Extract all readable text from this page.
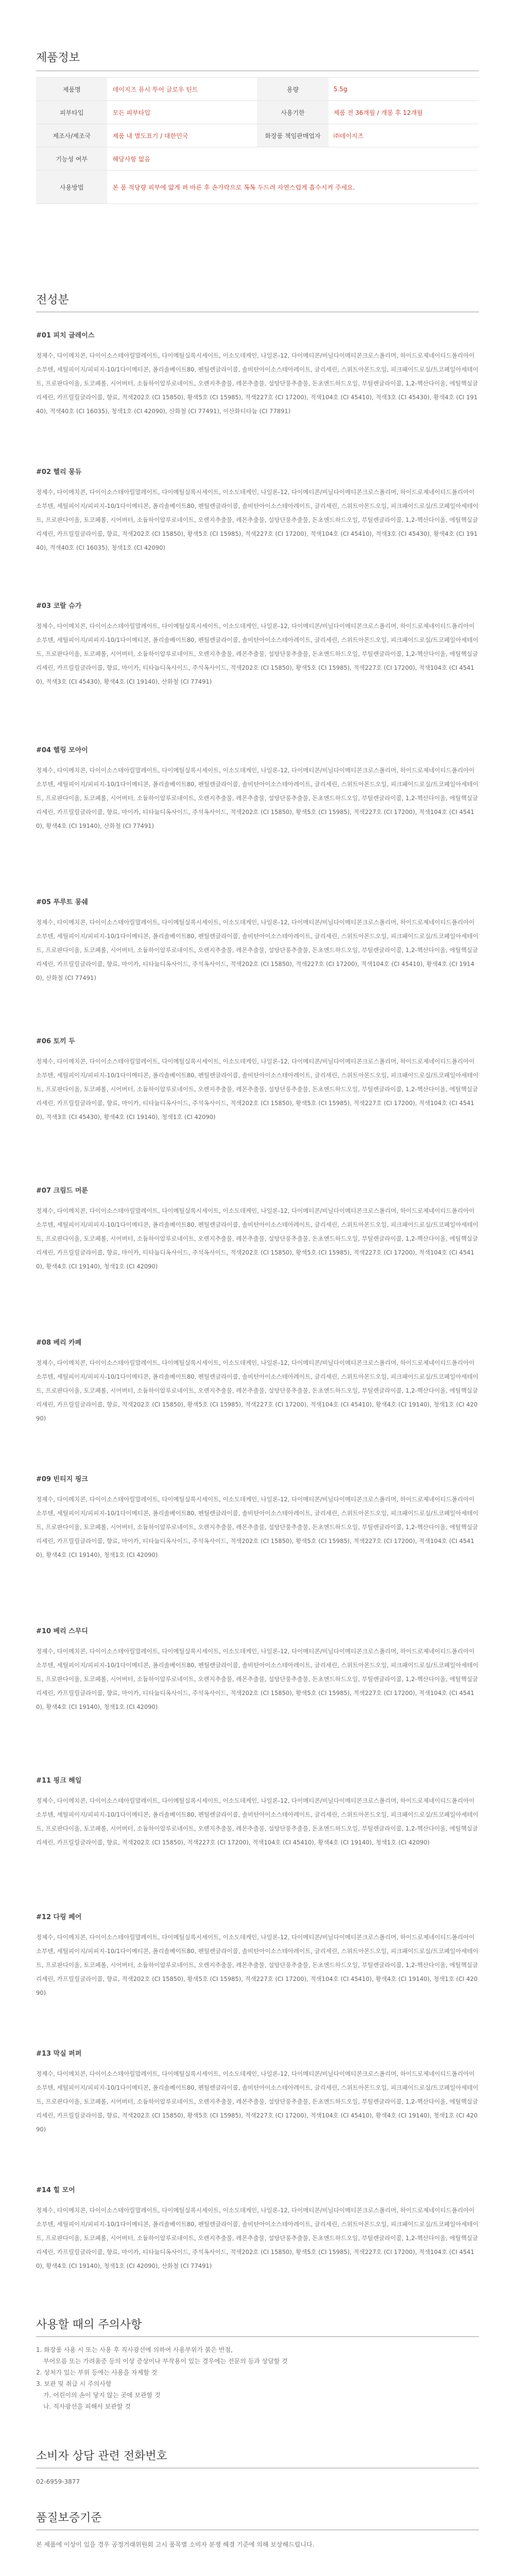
제품정보
제품명	데이지즈 퓨시 투어 글로우 틴트	용량	5.5g
피부타입	모든 피부타입	사용기한	제품 전 36개월 / 개봉 후 12개월
제조사/제조국	제품 내 별도표기 / 대한민국	화장품 책임판매업자	㈜데이지즈
기능성 여부	해당사항 없음		
사용방법	본 품 적당량 피부에 얇게 펴 바른 후 손가락으로 톡톡 두드려 자연스럽게 흡수시켜 주세요.		
전성분
#01 피치 글레이스

정제수, 다이메치콘, 다이이소스테아릴말레이트, 다이메틸실록시세이트, 이소도데케인, 나일론-12, 다이메티콘/비닐다이메티콘크로스폴리머, 하이드로제네이티드폴리아이소부텐, 세틸피이지/피피지-10/1다이메티콘, 폴리솔베이트80, 펜틸렌글라이콜, 솔비탄아이소스테아레이트, 글리세린, 스위트아몬드오일, 피크패이드로실/트코페일아세테이트, 프로판다이올, 토코페롤, 시어버터, 소듐하이알루로네이트, 오렌지추출물, 레몬추출물, 설탕단풍추출물, 돈초엔드하드오일, 부틸렌글라이콜, 1,2-헥산다이올, 에틸헥실글리세린, 카프릴릴글라이콜, 향료, 적색202호 (CI 15850), 황색5호 (CI 15985), 적색227호 (CI 17200), 적색104호 (CI 45410), 적색3호 (CI 45430), 황색4호 (CI 19140), 적색40호 (CI 16035), 청색1호 (CI 42090), 산화철 (CI 77491), 이산화티타늄 (CI 77891)

#02 헬리 몽듀

정제수, 다이메치콘, 다이이소스테아릴말레이트, 다이메틸실록시세이트, 이소도데케인, 나일론-12, 다이메티콘/비닐다이메티콘크로스폴리머, 하이드로제네이티드폴리아이소부텐, 세틸피이지/피피지-10/1다이메티콘, 폴리솔베이트80, 펜틸렌글라이콜, 솔비탄아이소스테아레이트, 글리세린, 스위트아몬드오일, 피크패이드로실/트코페일아세테이트, 프로판다이올, 토코페롤, 시어버터, 소듐하이알루로네이트, 오렌지추출물, 레몬추출물, 설탕단풍추출물, 돈초엔드하드오일, 부틸렌글라이콜, 1,2-헥산다이올, 에틸헥실글리세린, 카프릴릴글라이콜, 향료, 적색202호 (CI 15850), 황색5호 (CI 15985), 적색227호 (CI 17200), 적색104호 (CI 45410), 적색3호 (CI 45430), 황색4호 (CI 19140), 적색40호 (CI 16035), 청색1호 (CI 42090)

#03 코랄 슈가

정제수, 다이메치콘, 다이이소스테아릴말레이트, 다이메틸실록시세이트, 이소도데케인, 나일론-12, 다이메티콘/비닐다이메티콘크로스폴리머, 하이드로제네이티드폴리아이소부텐, 세틸피이지/피피지-10/1다이메티콘, 폴리솔베이트80, 펜틸렌글라이콜, 솔비탄아이소스테아레이트, 글리세린, 스위트아몬드오일, 피크패이드로실/트코페일아세테이트, 프로판다이올, 토코페롤, 시어버터, 소듐하이알루로네이트, 오렌지추출물, 레몬추출물, 설탕단풍추출물, 돈초엔드하드오일, 부틸렌글라이콜, 1,2-헥산다이올, 에틸헥실글리세린, 카프릴릴글라이콜, 향료, 마이카, 티타늄디옥사이드, 주석옥사이드, 적색202호 (CI 15850), 황색5호 (CI 15985), 적색227호 (CI 17200), 적색104호 (CI 45410), 적색3호 (CI 45430), 황색4호 (CI 19140), 산화철 (CI 77491)

#04 헬링 모아이

정제수, 다이메치콘, 다이이소스테아릴말레이트, 다이메틸실록시세이트, 이소도데케인, 나일론-12, 다이메티콘/비닐다이메티콘크로스폴리머, 하이드로제네이티드폴리아이소부텐, 세틸피이지/피피지-10/1다이메티콘, 폴리솔베이트80, 펜틸렌글라이콜, 솔비탄아이소스테아레이트, 글리세린, 스위트아몬드오일, 피크패이드로실/트코페일아세테이트, 프로판다이올, 토코페롤, 시어버터, 소듐하이알루로네이트, 오렌지추출물, 레몬추출물, 설탕단풍추출물, 돈초엔드하드오일, 부틸렌글라이콜, 1,2-헥산다이올, 에틸헥실글리세린, 카프릴릴글라이콜, 향료, 마이카, 티타늄디옥사이드, 주석옥사이드, 적색202호 (CI 15850), 황색5호 (CI 15985), 적색227호 (CI 17200), 적색104호 (CI 45410), 황색4호 (CI 19140), 산화철 (CI 77491)

#05 푸루트 몽쉐

정제수, 다이메치콘, 다이이소스테아릴말레이트, 다이메틸실록시세이트, 이소도데케인, 나일론-12, 다이메티콘/비닐다이메티콘크로스폴리머, 하이드로제네이티드폴리아이소부텐, 세틸피이지/피피지-10/1다이메티콘, 폴리솔베이트80, 펜틸렌글라이콜, 솔비탄아이소스테아레이트, 글리세린, 스위트아몬드오일, 피크패이드로실/트코페일아세테이트, 프로판다이올, 토코페롤, 시어버터, 소듐하이알루로네이트, 오렌지추출물, 레몬추출물, 설탕단풍추출물, 돈초엔드하드오일, 부틸렌글라이콜, 1,2-헥산다이올, 에틸헥실글리세린, 카프릴릴글라이콜, 향료, 마이카, 티타늄디옥사이드, 주석옥사이드, 적색202호 (CI 15850), 적색227호 (CI 17200), 적색104호 (CI 45410), 황색4호 (CI 19140), 산화철 (CI 77491)

#06 토끼 두

정제수, 다이메치콘, 다이이소스테아릴말레이트, 다이메틸실록시세이트, 이소도데케인, 나일론-12, 다이메티콘/비닐다이메티콘크로스폴리머, 하이드로제네이티드폴리아이소부텐, 세틸피이지/피피지-10/1다이메티콘, 폴리솔베이트80, 펜틸렌글라이콜, 솔비탄아이소스테아레이트, 글리세린, 스위트아몬드오일, 피크패이드로실/트코페일아세테이트, 프로판다이올, 토코페롤, 시어버터, 소듐하이알루로네이트, 오렌지추출물, 레몬추출물, 설탕단풍추출물, 돈초엔드하드오일, 부틸렌글라이콜, 1,2-헥산다이올, 에틸헥실글리세린, 카프릴릴글라이콜, 향료, 마이카, 티타늄디옥사이드, 주석옥사이드, 적색202호 (CI 15850), 황색5호 (CI 15985), 적색227호 (CI 17200), 적색104호 (CI 45410), 적색3호 (CI 45430), 황색4호 (CI 19140), 청색1호 (CI 42090)

#07 크림드 머룬

정제수, 다이메치콘, 다이이소스테아릴말레이트, 다이메틸실록시세이트, 이소도데케인, 나일론-12, 다이메티콘/비닐다이메티콘크로스폴리머, 하이드로제네이티드폴리아이소부텐, 세틸피이지/피피지-10/1다이메티콘, 폴리솔베이트80, 펜틸렌글라이콜, 솔비탄아이소스테아레이트, 글리세린, 스위트아몬드오일, 피크패이드로실/트코페일아세테이트, 프로판다이올, 토코페롤, 시어버터, 소듐하이알루로네이트, 오렌지추출물, 레몬추출물, 설탕단풍추출물, 돈초엔드하드오일, 부틸렌글라이콜, 1,2-헥산다이올, 에틸헥실글리세린, 카프릴릴글라이콜, 향료, 마이카, 티타늄디옥사이드, 주석옥사이드, 적색202호 (CI 15850), 황색5호 (CI 15985), 적색227호 (CI 17200), 적색104호 (CI 45410), 황색4호 (CI 19140), 청색1호 (CI 42090)

#08 베리 카페

정제수, 다이메치콘, 다이이소스테아릴말레이트, 다이메틸실록시세이트, 이소도데케인, 나일론-12, 다이메티콘/비닐다이메티콘크로스폴리머, 하이드로제네이티드폴리아이소부텐, 세틸피이지/피피지-10/1다이메티콘, 폴리솔베이트80, 펜틸렌글라이콜, 솔비탄아이소스테아레이트, 글리세린, 스위트아몬드오일, 피크패이드로실/트코페일아세테이트, 프로판다이올, 토코페롤, 시어버터, 소듐하이알루로네이트, 오렌지추출물, 레몬추출물, 설탕단풍추출물, 돈초엔드하드오일, 부틸렌글라이콜, 1,2-헥산다이올, 에틸헥실글리세린, 카프릴릴글라이콜, 향료, 적색202호 (CI 15850), 황색5호 (CI 15985), 적색227호 (CI 17200), 적색104호 (CI 45410), 황색4호 (CI 19140), 청색1호 (CI 42090)

#09 빈티지 핑크

정제수, 다이메치콘, 다이이소스테아릴말레이트, 다이메틸실록시세이트, 이소도데케인, 나일론-12, 다이메티콘/비닐다이메티콘크로스폴리머, 하이드로제네이티드폴리아이소부텐, 세틸피이지/피피지-10/1다이메티콘, 폴리솔베이트80, 펜틸렌글라이콜, 솔비탄아이소스테아레이트, 글리세린, 스위트아몬드오일, 피크패이드로실/트코페일아세테이트, 프로판다이올, 토코페롤, 시어버터, 소듐하이알루로네이트, 오렌지추출물, 레몬추출물, 설탕단풍추출물, 돈초엔드하드오일, 부틸렌글라이콜, 1,2-헥산다이올, 에틸헥실글리세린, 카프릴릴글라이콜, 향료, 마이카, 티타늄디옥사이드, 주석옥사이드, 적색202호 (CI 15850), 황색5호 (CI 15985), 적색227호 (CI 17200), 적색104호 (CI 45410), 황색4호 (CI 19140), 청색1호 (CI 42090)

#10 베리 스무디

정제수, 다이메치콘, 다이이소스테아릴말레이트, 다이메틸실록시세이트, 이소도데케인, 나일론-12, 다이메티콘/비닐다이메티콘크로스폴리머, 하이드로제네이티드폴리아이소부텐, 세틸피이지/피피지-10/1다이메티콘, 폴리솔베이트80, 펜틸렌글라이콜, 솔비탄아이소스테아레이트, 글리세린, 스위트아몬드오일, 피크패이드로실/트코페일아세테이트, 프로판다이올, 토코페롤, 시어버터, 소듐하이알루로네이트, 오렌지추출물, 레몬추출물, 설탕단풍추출물, 돈초엔드하드오일, 부틸렌글라이콜, 1,2-헥산다이올, 에틸헥실글리세린, 카프릴릴글라이콜, 향료, 마이카, 티타늄디옥사이드, 주석옥사이드, 적색202호 (CI 15850), 황색5호 (CI 15985), 적색227호 (CI 17200), 적색104호 (CI 45410), 황색4호 (CI 19140), 청색1호 (CI 42090)

#11 핑크 해일

정제수, 다이메치콘, 다이이소스테아릴말레이트, 다이메틸실록시세이트, 이소도데케인, 나일론-12, 다이메티콘/비닐다이메티콘크로스폴리머, 하이드로제네이티드폴리아이소부텐, 세틸피이지/피피지-10/1다이메티콘, 폴리솔베이트80, 펜틸렌글라이콜, 솔비탄아이소스테아레이트, 글리세린, 스위트아몬드오일, 피크패이드로실/트코페일아세테이트, 프로판다이올, 토코페롤, 시어버터, 소듐하이알루로네이트, 오렌지추출물, 레몬추출물, 설탕단풍추출물, 돈초엔드하드오일, 부틸렌글라이콜, 1,2-헥산다이올, 에틸헥실글리세린, 카프릴릴글라이콜, 향료, 적색202호 (CI 15850), 적색227호 (CI 17200), 적색104호 (CI 45410), 황색4호 (CI 19140), 청색1호 (CI 42090)

#12 다링 페어

정제수, 다이메치콘, 다이이소스테아릴말레이트, 다이메틸실록시세이트, 이소도데케인, 나일론-12, 다이메티콘/비닐다이메티콘크로스폴리머, 하이드로제네이티드폴리아이소부텐, 세틸피이지/피피지-10/1다이메티콘, 폴리솔베이트80, 펜틸렌글라이콜, 솔비탄아이소스테아레이트, 글리세린, 스위트아몬드오일, 피크패이드로실/트코페일아세테이트, 프로판다이올, 토코페롤, 시어버터, 소듐하이알루로네이트, 오렌지추출물, 레몬추출물, 설탕단풍추출물, 돈초엔드하드오일, 부틸렌글라이콜, 1,2-헥산다이올, 에틸헥실글리세린, 카프릴릴글라이콜, 향료, 적색202호 (CI 15850), 황색5호 (CI 15985), 적색227호 (CI 17200), 적색104호 (CI 45410), 황색4호 (CI 19140), 청색1호 (CI 42090)

#13 막실 퍼퍼

정제수, 다이메치콘, 다이이소스테아릴말레이트, 다이메틸실록시세이트, 이소도데케인, 나일론-12, 다이메티콘/비닐다이메티콘크로스폴리머, 하이드로제네이티드폴리아이소부텐, 세틸피이지/피피지-10/1다이메티콘, 폴리솔베이트80, 펜틸렌글라이콜, 솔비탄아이소스테아레이트, 글리세린, 스위트아몬드오일, 피크패이드로실/트코페일아세테이트, 프로판다이올, 토코페롤, 시어버터, 소듐하이알루로네이트, 오렌지추출물, 레몬추출물, 설탕단풍추출물, 돈초엔드하드오일, 부틸렌글라이콜, 1,2-헥산다이올, 에틸헥실글리세린, 카프릴릴글라이콜, 향료, 적색202호 (CI 15850), 황색5호 (CI 15985), 적색227호 (CI 17200), 적색104호 (CI 45410), 황색4호 (CI 19140), 청색1호 (CI 42090)

#14 힐 모어

정제수, 다이메치콘, 다이이소스테아릴말레이트, 다이메틸실록시세이트, 이소도데케인, 나일론-12, 다이메티콘/비닐다이메티콘크로스폴리머, 하이드로제네이티드폴리아이소부텐, 세틸피이지/피피지-10/1다이메티콘, 폴리솔베이트80, 펜틸렌글라이콜, 솔비탄아이소스테아레이트, 글리세린, 스위트아몬드오일, 피크패이드로실/트코페일아세테이트, 프로판다이올, 토코페롤, 시어버터, 소듐하이알루로네이트, 오렌지추출물, 레몬추출물, 설탕단풍추출물, 돈초엔드하드오일, 부틸렌글라이콜, 1,2-헥산다이올, 에틸헥실글리세린, 카프릴릴글라이콜, 향료, 마이카, 티타늄디옥사이드, 주석옥사이드, 적색202호 (CI 15850), 황색5호 (CI 15985), 적색227호 (CI 17200), 적색104호 (CI 45410), 황색4호 (CI 19140), 청색1호 (CI 42090), 산화철 (CI 77491)

사용할 때의 주의사항
1. 화장품 사용 시 또는 사용 후 직사광선에 의하여 사용부위가 붉은 반점,
부어오름 또는 가려움증 등의 이상 증상이나 부작용이 있는 경우에는 전문의 등과 상담할 것
2. 상처가 있는 부위 등에는 사용을 자제할 것
3. 보관 및 취급 시 주의사항
가. 어린이의 손이 닿지 않는 곳에 보관할 것
나. 직사광선을 피해서 보관할 것
소비자 상담 관련 전화번호
02-6959-3877
품질보증기준
본 제품에 이상이 있을 경우 공정거래위원회 고시 품목별 소비자 분쟁 해결 기준에 의해 보상해드립니다.
